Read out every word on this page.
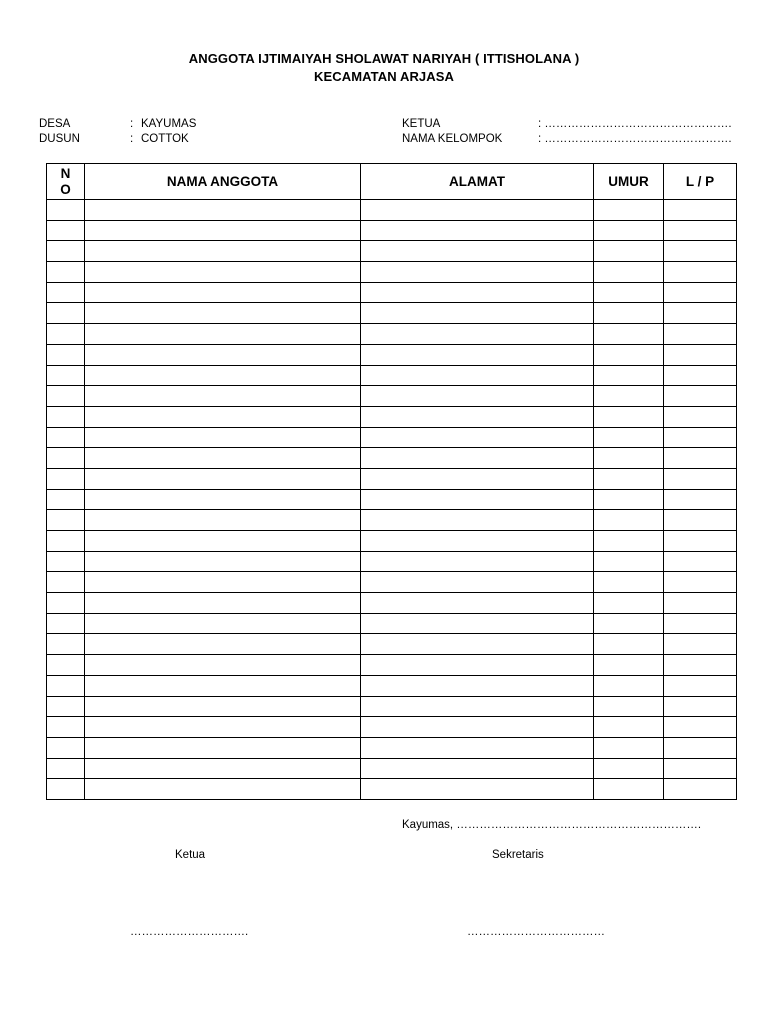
ANGGOTA IJTIMAIYAH SHOLAWAT NARIYAH ( ITTISHOLANA )
KECAMATAN ARJASA
DESA	: KAYUMAS
DUSUN	: COTTOK
KETUA	: ………………………………………….
NAMA KELOMPOK	: ………………………………………….
N
O	NAMA ANGGOTA	ALAMAT	UMUR	L / P

Kayumas, ……………………………………………………….
Ketua	Sekretaris
………………………….	………………………………
